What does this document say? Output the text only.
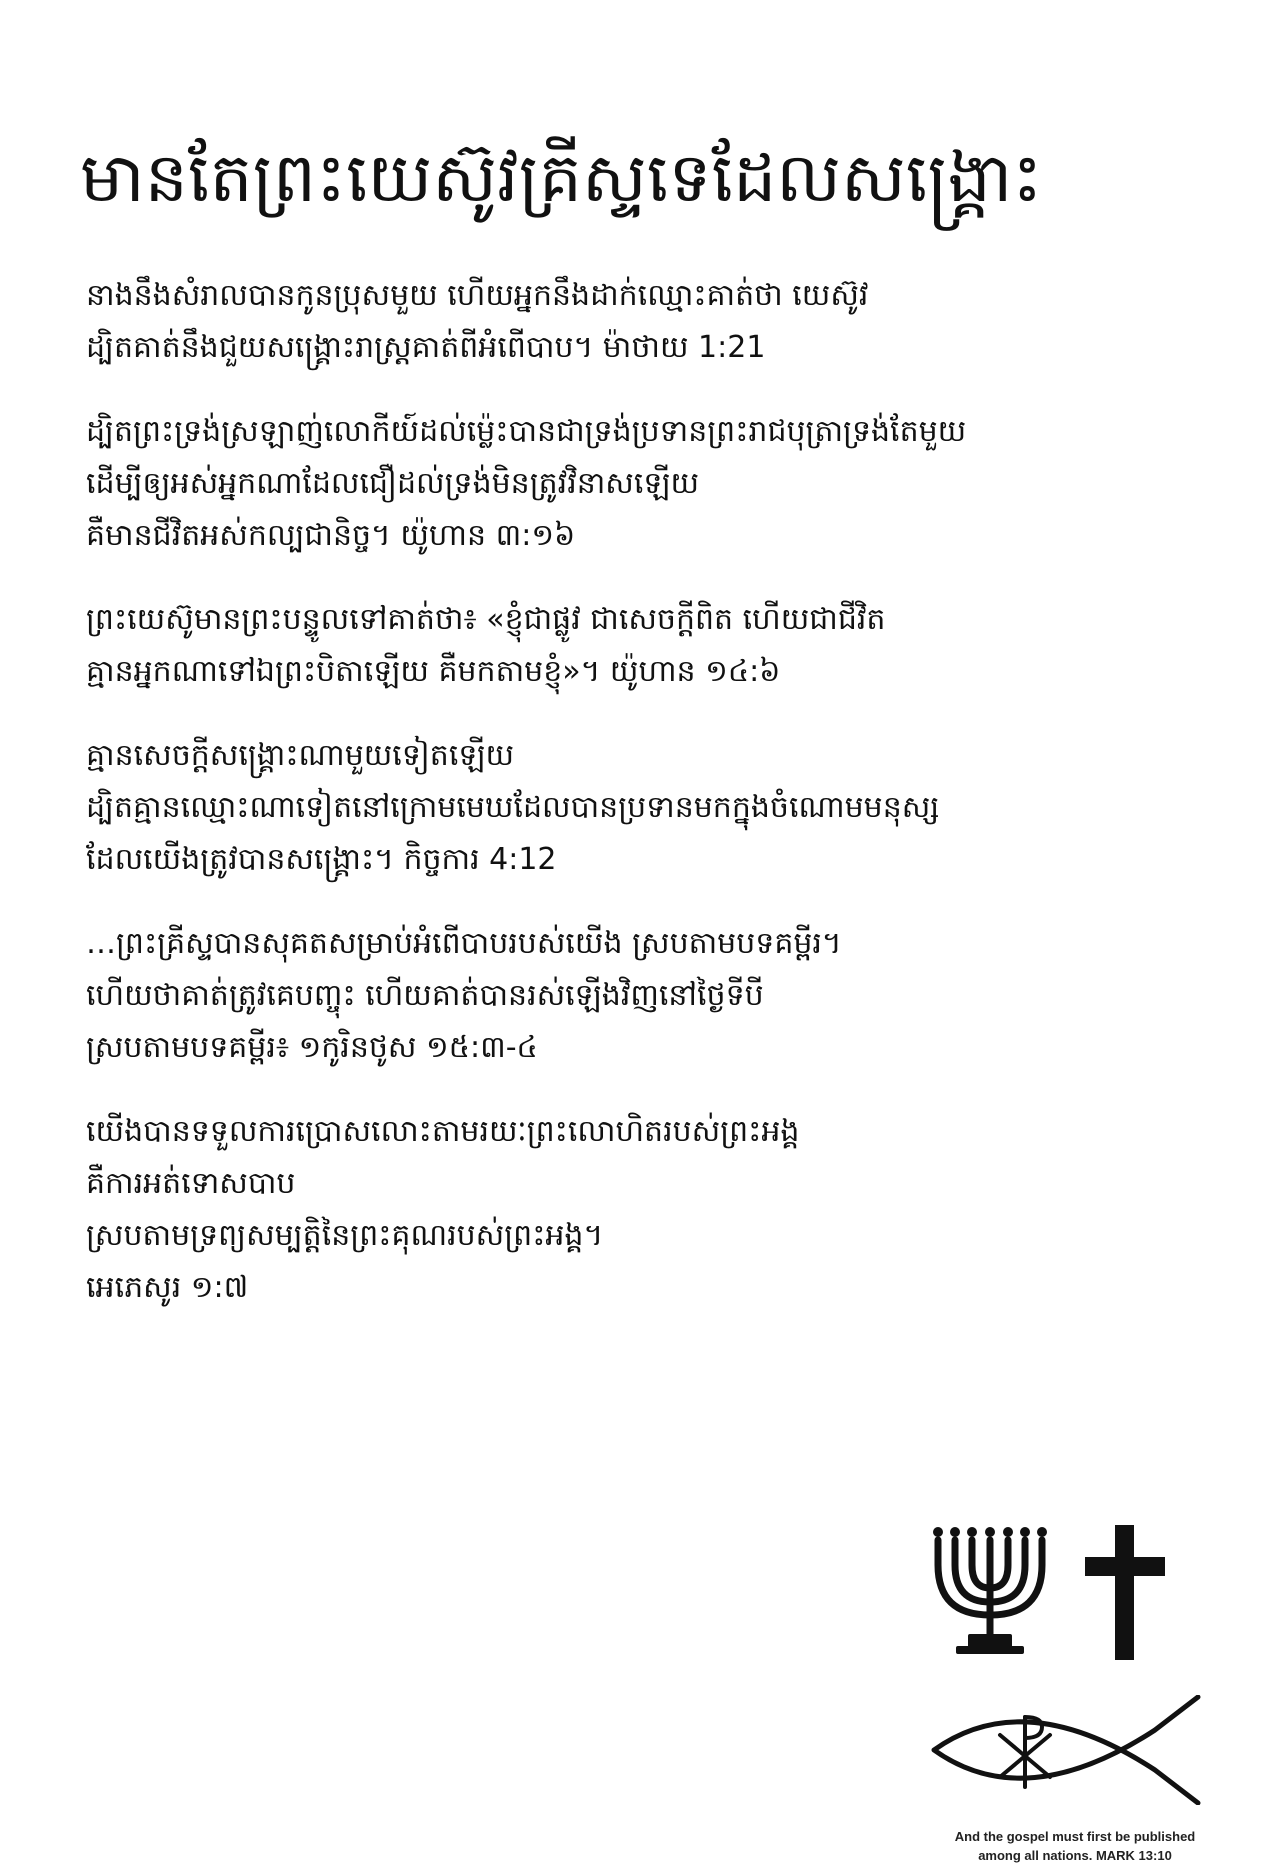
មានតែព្រះយេស៊ូវគ្រីស្ទទេដែលសង្គ្រោះ
នាងនឹងសំរាលបានកូនប្រុសមួយ ហើយអ្នកនឹងដាក់ឈ្មោះគាត់ថា យេស៊ូវ
ដ្បិតគាត់នឹងជួយសង្គ្រោះរាស្ត្រគាត់ពីអំពើបាប។ ម៉ាថាយ 1:21
ដ្បិតព្រះទ្រង់ស្រឡាញ់លោកីយ៍ដល់ម៉្លេះបានជាទ្រង់ប្រទានព្រះរាជបុត្រាទ្រង់តែមួយ
ដើម្បីឲ្យអស់អ្នកណាដែលជឿដល់ទ្រង់មិនត្រូវវិនាសឡើយ
គឺមានជីវិតអស់កល្បជានិច្ច។ យ៉ូហាន ៣:១៦
ព្រះយេស៊ូមានព្រះបន្ទូលទៅគាត់ថា៖ «ខ្ញុំជាផ្លូវ ជាសេចក្ដីពិត ហើយជាជីវិត
គ្មានអ្នកណាទៅឯព្រះបិតាឡើយ គឺមកតាមខ្ញុំ»។ យ៉ូហាន ១៤:៦
គ្មានសេចក្តីសង្គ្រោះណាមួយទៀតឡើយ
ដ្បិតគ្មានឈ្មោះណាទៀតនៅក្រោមមេឃដែលបានប្រទានមកក្នុងចំណោមមនុស្ស
ដែលយើងត្រូវបានសង្គ្រោះ។ កិច្ចការ 4:12
…ព្រះគ្រីស្ទបានសុគតសម្រាប់អំពើបាបរបស់យើង ស្របតាមបទគម្ពីរ។
ហើយថាគាត់ត្រូវគេបញ្ចុះ ហើយគាត់បានរស់ឡើងវិញនៅថ្ងៃទីបី
ស្របតាមបទគម្ពីរ៖ ១កូរិនថូស ១៥:៣-៤
យើងបានទទួលការប្រោសលោះតាមរយៈព្រះលោហិតរបស់ព្រះអង្គ
គឺការអត់ទោសបាប
ស្របតាមទ្រព្យសម្បត្តិនៃព្រះគុណរបស់ព្រះអង្គ។
អេភេសូរ ១:៧
And the gospel must first be published
among all nations. MARK 13:10
